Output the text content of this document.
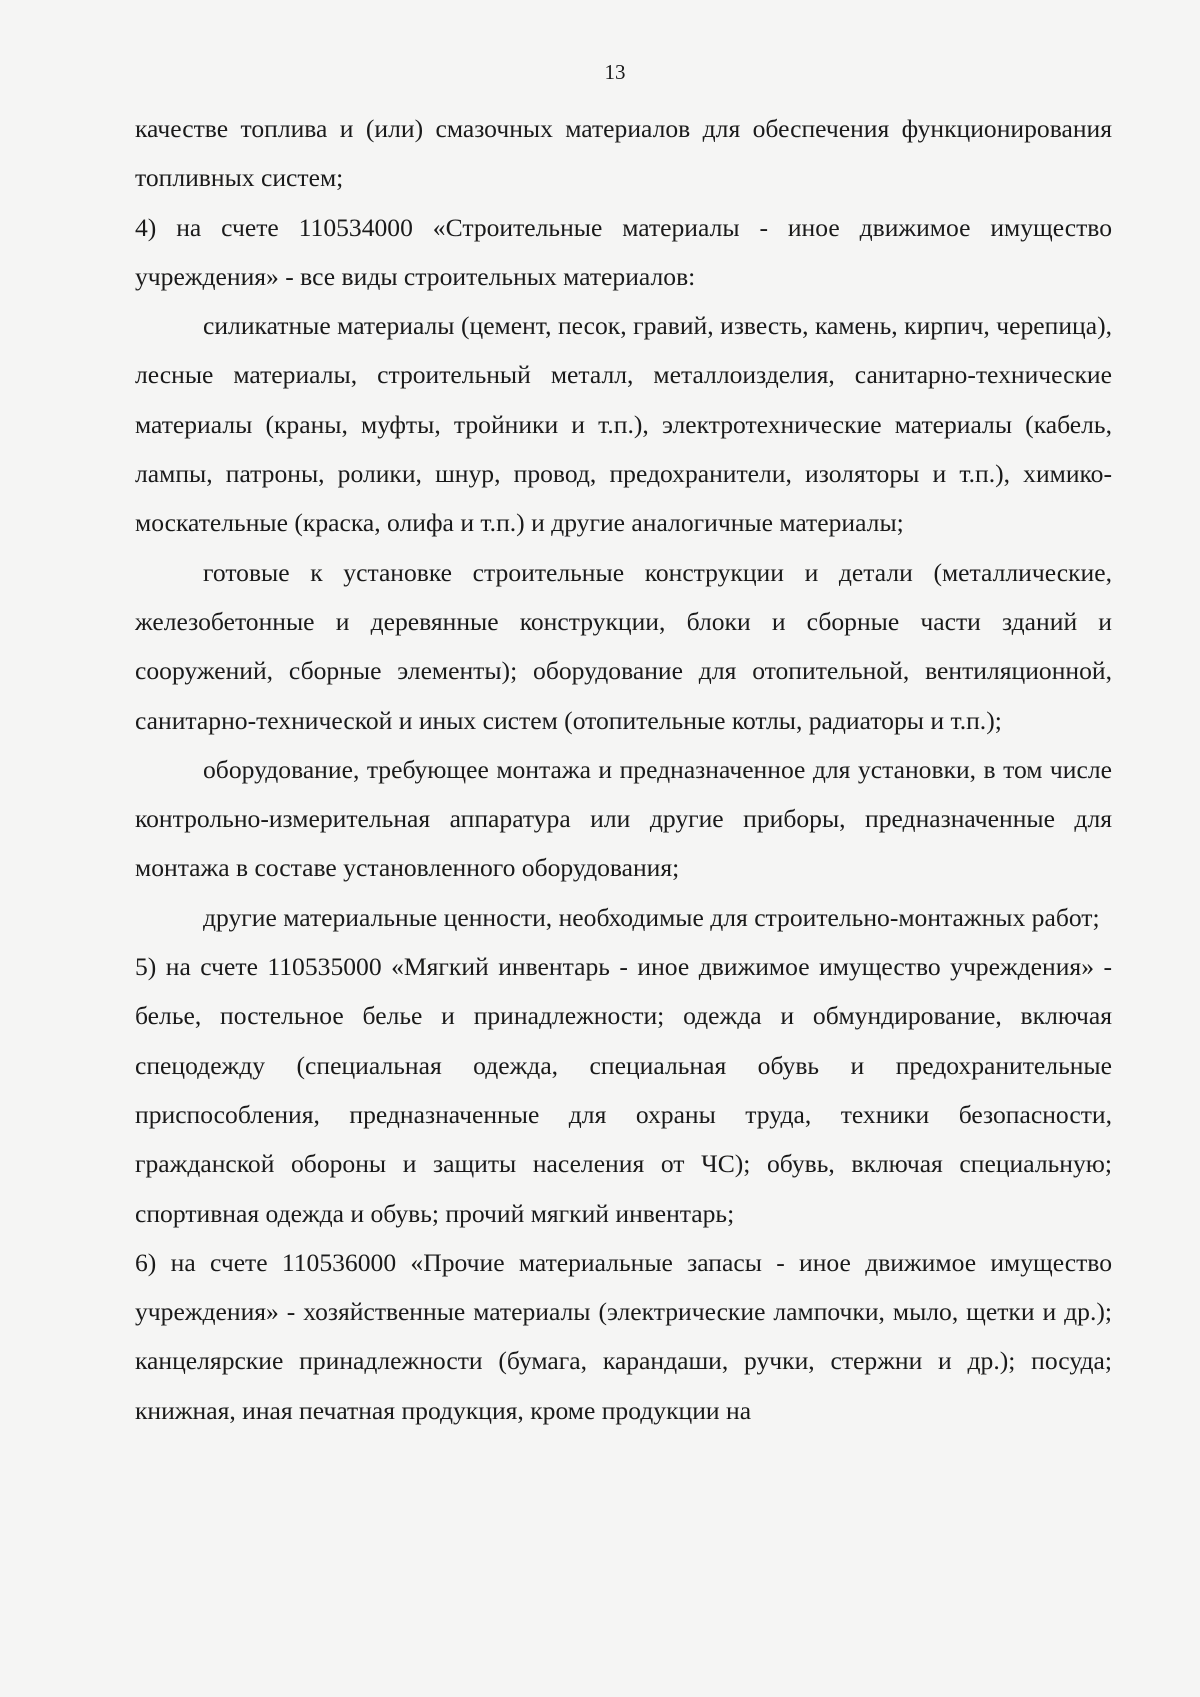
13

качестве топлива и (или) смазочных материалов для обеспечения функционирования топливных систем;

4) на счете 110534000 «Строительные материалы - иное движимое имущество учреждения» - все виды строительных материалов:

силикатные материалы (цемент, песок, гравий, известь, камень, кирпич, черепица), лесные материалы, строительный металл, металлоизделия, санитарно-технические материалы (краны, муфты, тройники и т.п.), электротехнические материалы (кабель, лампы, патроны, ролики, шнур, провод, предохранители, изоляторы и т.п.), химико-москательные (краска, олифа и т.п.) и другие аналогичные материалы;

готовые к установке строительные конструкции и детали (металлические, железобетонные и деревянные конструкции, блоки и сборные части зданий и сооружений, сборные элементы); оборудование для отопительной, вентиляционной, санитарно-технической и иных систем (отопительные котлы, радиаторы и т.п.);

оборудование, требующее монтажа и предназначенное для установки, в том числе контрольно-измерительная аппаратура или другие приборы, предназначенные для монтажа в составе установленного оборудования;

другие материальные ценности, необходимые для строительно-монтажных работ;

5) на счете 110535000 «Мягкий инвентарь - иное движимое имущество учреждения» - белье, постельное белье и принадлежности; одежда и обмундирование, включая спецодежду (специальная одежда, специальная обувь и предохранительные приспособления, предназначенные для охраны труда, техники безопасности, гражданской обороны и защиты населения от ЧС); обувь, включая специальную; спортивная одежда и обувь; прочий мягкий инвентарь;

6) на счете 110536000 «Прочие материальные запасы - иное движимое имущество учреждения» - хозяйственные материалы (электрические лампочки, мыло, щетки и др.); канцелярские принадлежности (бумага, карандаши, ручки, стержни и др.); посуда; книжная, иная печатная продукция, кроме продукции на
